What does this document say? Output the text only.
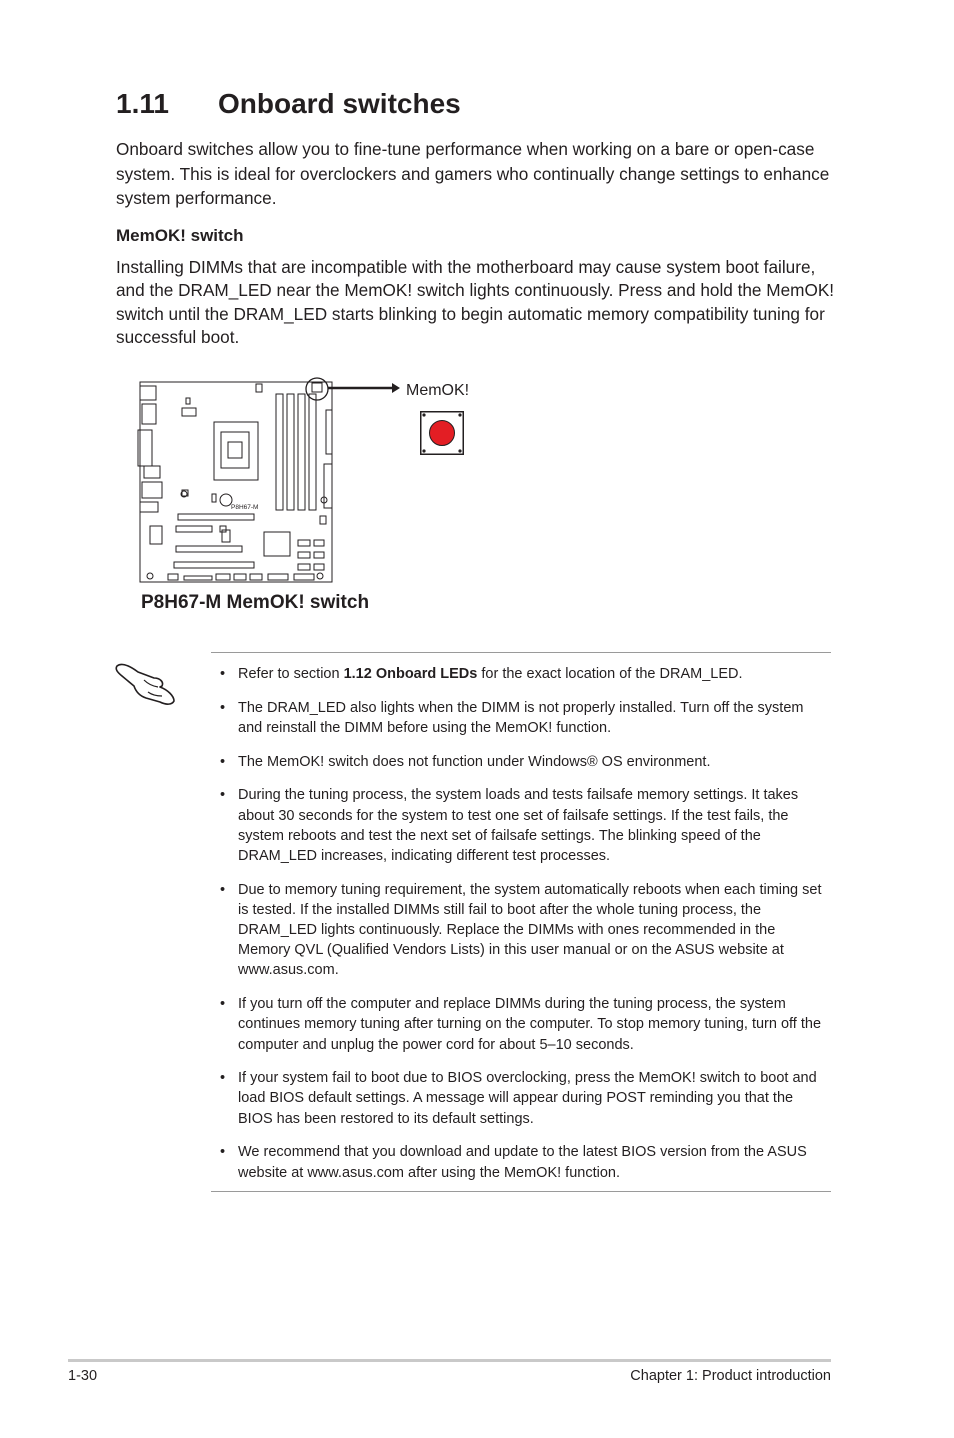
1.11 Onboard switches

Onboard switches allow you to fine-tune performance when working on a bare or open-case system. This is ideal for overclockers and gamers who continually change settings to enhance system performance.

MemOK! switch

Installing DIMMs that are incompatible with the motherboard may cause system boot failure, and the DRAM_LED near the MemOK! switch lights continuously. Press and hold the MemOK! switch until the DRAM_LED starts blinking to begin automatic memory compatibility tuning for successful boot.

P8H67-M
MemOK!
P8H67-M MemOK! switch
• Refer to section 1.12 Onboard LEDs for the exact location of the DRAM_LED.
• The DRAM_LED also lights when the DIMM is not properly installed. Turn off the system and reinstall the DIMM before using the MemOK! function.
• The MemOK! switch does not function under Windows® OS environment.
• During the tuning process, the system loads and tests failsafe memory settings. It takes about 30 seconds for the system to test one set of failsafe settings. If the test fails, the system reboots and test the next set of failsafe settings. The blinking speed of the DRAM_LED increases, indicating different test processes.
• Due to memory tuning requirement, the system automatically reboots when each timing set is tested. If the installed DIMMs still fail to boot after the whole tuning process, the DRAM_LED lights continuously. Replace the DIMMs with ones recommended in the Memory QVL (Qualified Vendors Lists) in this user manual or on the ASUS website at www.asus.com.
• If you turn off the computer and replace DIMMs during the tuning process, the system continues memory tuning after turning on the computer. To stop memory tuning, turn off the computer and unplug the power cord for about 5–10 seconds.
• If your system fail to boot due to BIOS overclocking, press the MemOK! switch to boot and load BIOS default settings. A message will appear during POST reminding you that the BIOS has been restored to its default settings.
• We recommend that you download and update to the latest BIOS version from the ASUS website at www.asus.com after using the MemOK! function.
1-30	Chapter 1: Product introduction
